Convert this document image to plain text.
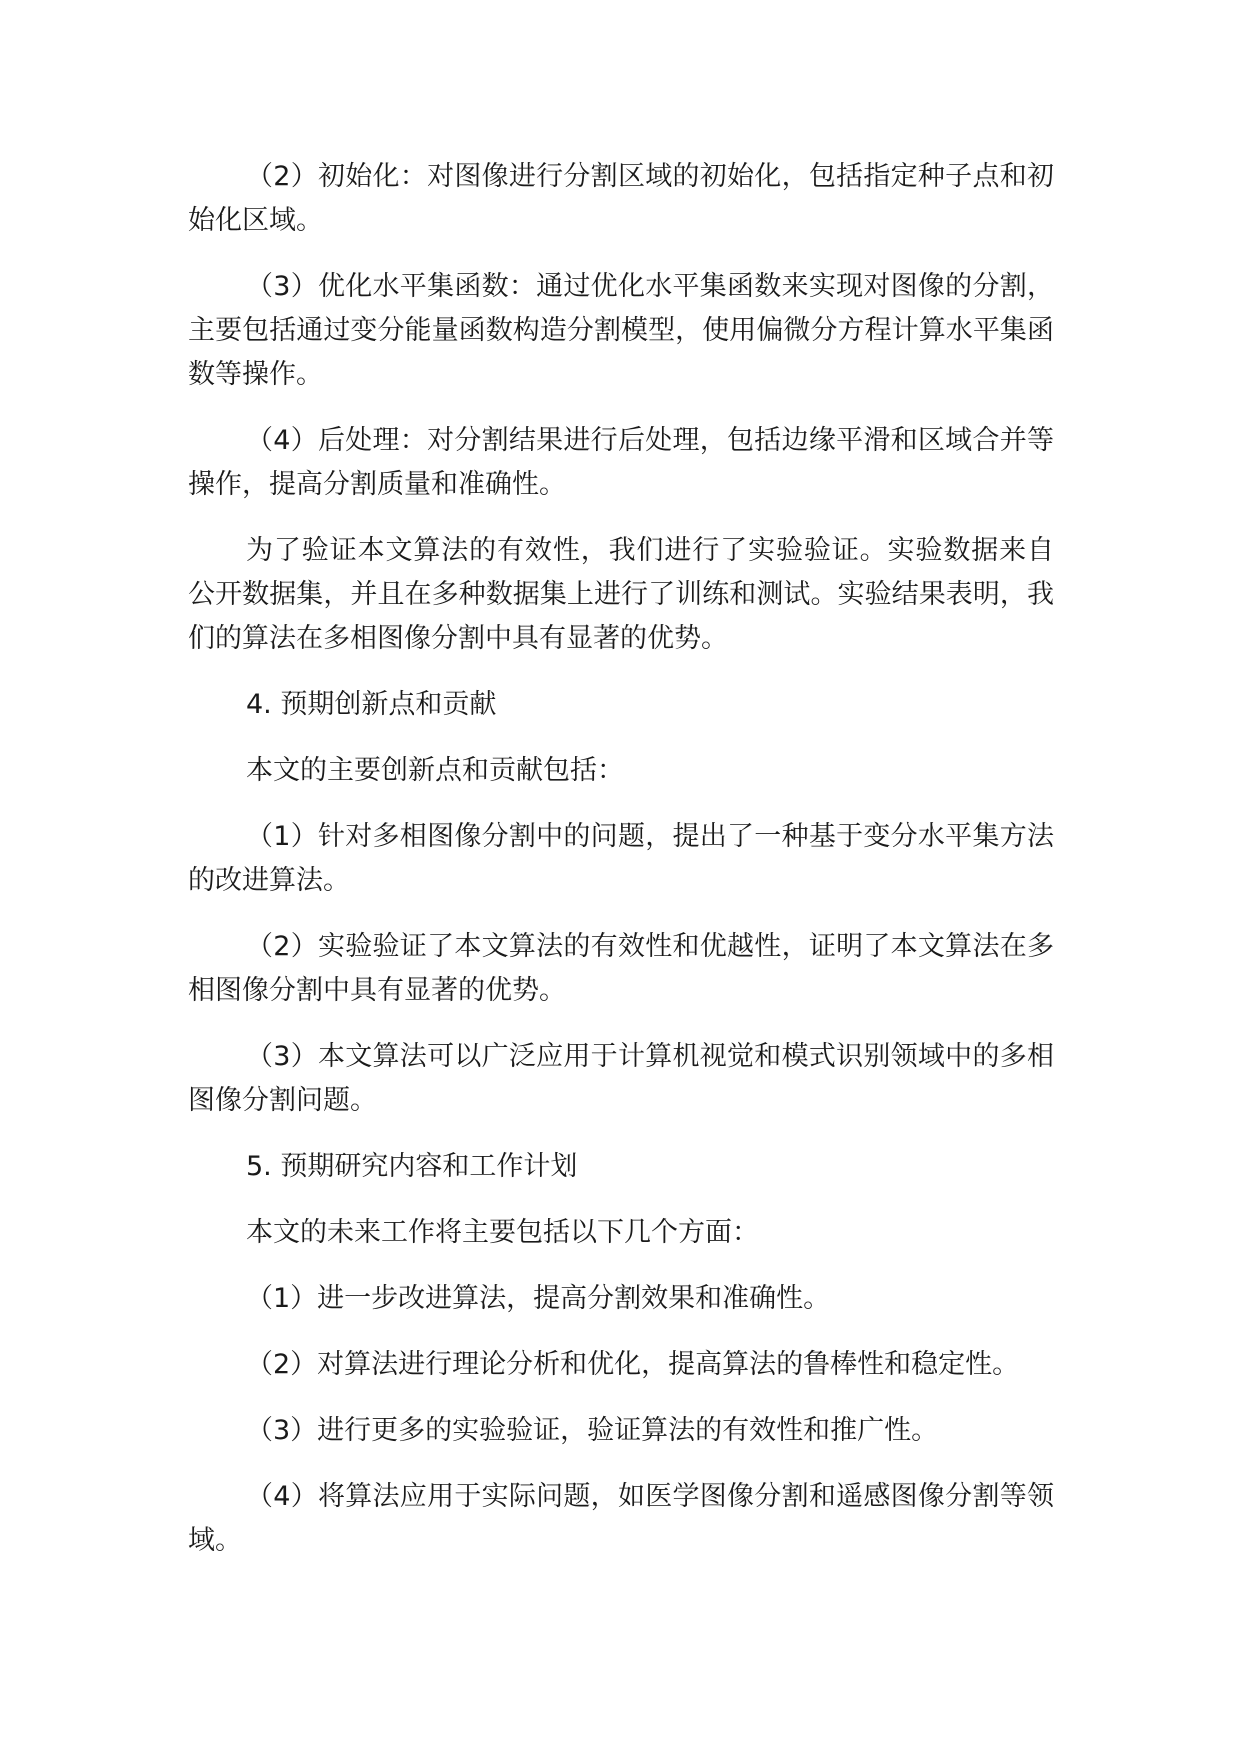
（2）初始化：对图像进行分割区域的初始化，包括指定种子点和初始化区域。

（3）优化水平集函数：通过优化水平集函数来实现对图像的分割，主要包括通过变分能量函数构造分割模型，使用偏微分方程计算水平集函数等操作。

（4）后处理：对分割结果进行后处理，包括边缘平滑和区域合并等操作，提高分割质量和准确性。

为了验证本文算法的有效性，我们进行了实验验证。实验数据来自公开数据集，并且在多种数据集上进行了训练和测试。实验结果表明，我们的算法在多相图像分割中具有显著的优势。

4. 预期创新点和贡献

本文的主要创新点和贡献包括：

（1）针对多相图像分割中的问题，提出了一种基于变分水平集方法的改进算法。

（2）实验验证了本文算法的有效性和优越性，证明了本文算法在多相图像分割中具有显著的优势。

（3）本文算法可以广泛应用于计算机视觉和模式识别领域中的多相图像分割问题。

5. 预期研究内容和工作计划

本文的未来工作将主要包括以下几个方面：

（1）进一步改进算法，提高分割效果和准确性。

（2）对算法进行理论分析和优化，提高算法的鲁棒性和稳定性。

（3）进行更多的实验验证，验证算法的有效性和推广性。

（4）将算法应用于实际问题，如医学图像分割和遥感图像分割等领域。
